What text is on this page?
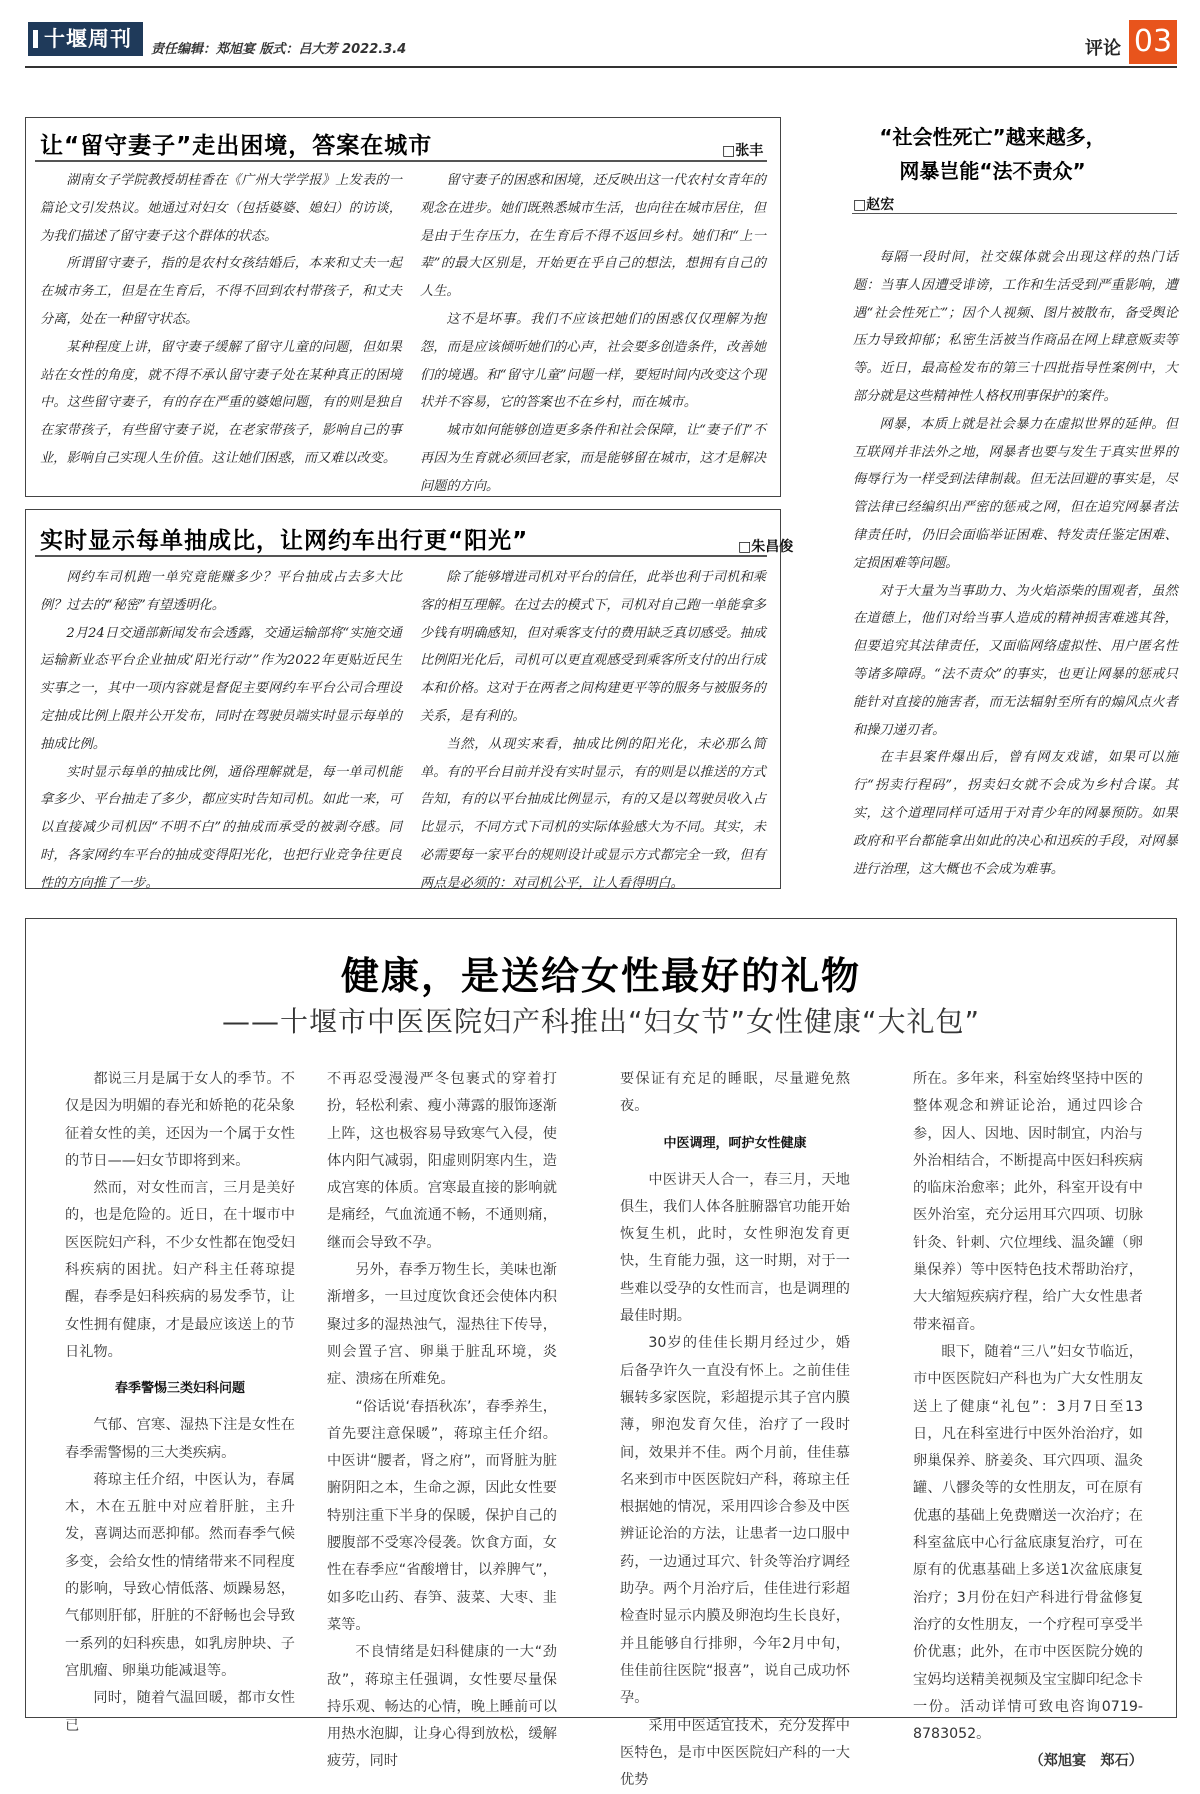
十堰周刊	责任编辑：郑旭宴 版式：吕大芳 2022.3.4	评论 03
让“留守妻子”走出困境，答案在城市	□张丰

湖南女子学院教授胡桂香在《广州大学学报》上发表的一篇论文引发热议。她通过对妇女（包括婆婆、媳妇）的访谈，为我们描述了留守妻子这个群体的状态。

所谓留守妻子，指的是农村女孩结婚后，本来和丈夫一起在城市务工，但是在生育后，不得不回到农村带孩子，和丈夫分离，处在一种留守状态。

某种程度上讲，留守妻子缓解了留守儿童的问题，但如果站在女性的角度，就不得不承认留守妻子处在某种真正的困境中。这些留守妻子，有的存在严重的婆媳问题，有的则是独自在家带孩子，有些留守妻子说，在老家带孩子，影响自己的事业，影响自己实现人生价值。这让她们困惑，而又难以改变。

留守妻子的困惑和困境，还反映出这一代农村女青年的观念在进步。她们既熟悉城市生活，也向往在城市居住，但是由于生存压力，在生育后不得不返回乡村。她们和“上一辈”的最大区别是，开始更在乎自己的想法，想拥有自己的人生。

这不是坏事。我们不应该把她们的困惑仅仅理解为抱怨，而是应该倾听她们的心声，社会要多创造条件，改善她们的境遇。和“留守儿童”问题一样，要短时间内改变这个现状并不容易，它的答案也不在乡村，而在城市。

城市如何能够创造更多条件和社会保障，让“妻子们”不再因为生育就必须回老家，而是能够留在城市，这才是解决问题的方向。

实时显示每单抽成比，让网约车出行更“阳光”	□朱昌俊

网约车司机跑一单究竟能赚多少？平台抽成占去多大比例？过去的“秘密”有望透明化。

2月24日交通部新闻发布会透露，交通运输部将“实施交通运输新业态平台企业抽成‘阳光行动’”作为2022年更贴近民生实事之一，其中一项内容就是督促主要网约车平台公司合理设定抽成比例上限并公开发布，同时在驾驶员端实时显示每单的抽成比例。

实时显示每单的抽成比例，通俗理解就是，每一单司机能拿多少、平台抽走了多少，都应实时告知司机。如此一来，可以直接减少司机因“不明不白”的抽成而承受的被剥夺感。同时，各家网约车平台的抽成变得阳光化，也把行业竞争往更良性的方向推了一步。

除了能够增进司机对平台的信任，此举也利于司机和乘客的相互理解。在过去的模式下，司机对自己跑一单能拿多少钱有明确感知，但对乘客支付的费用缺乏真切感受。抽成比例阳光化后，司机可以更直观感受到乘客所支付的出行成本和价格。这对于在两者之间构建更平等的服务与被服务的关系，是有利的。

当然，从现实来看，抽成比例的阳光化，未必那么简单。有的平台目前并没有实时显示，有的则是以推送的方式告知，有的以平台抽成比例显示，有的又是以驾驶员收入占比显示，不同方式下司机的实际体验感大为不同。其实，未必需要每一家平台的规则设计或显示方式都完全一致，但有两点是必须的：对司机公平，让人看得明白。

“社会性死亡”越来越多，
网暴岂能“法不责众”
□赵宏

每隔一段时间，社交媒体就会出现这样的热门话题：当事人因遭受诽谤，工作和生活受到严重影响，遭遇“社会性死亡”；因个人视频、图片被散布，备受舆论压力导致抑郁；私密生活被当作商品在网上肆意贩卖等等。近日，最高检发布的第三十四批指导性案例中，大部分就是这些精神性人格权刑事保护的案件。

网暴，本质上就是社会暴力在虚拟世界的延伸。但互联网并非法外之地，网暴者也要与发生于真实世界的侮辱行为一样受到法律制裁。但无法回避的事实是，尽管法律已经编织出严密的惩戒之网，但在追究网暴者法律责任时，仍旧会面临举证困难、特发责任鉴定困难、定损困难等问题。

对于大量为当事助力、为火焰添柴的围观者，虽然在道德上，他们对给当事人造成的精神损害难逃其咎，但要追究其法律责任，又面临网络虚拟性、用户匿名性等诸多障碍。“法不责众”的事实，也更让网暴的惩戒只能针对直接的施害者，而无法辐射至所有的煽风点火者和操刀递刃者。

在丰县案件爆出后，曾有网友戏谑，如果可以施行“拐卖行程码”，拐卖妇女就不会成为乡村合谋。其实，这个道理同样可适用于对青少年的网暴预防。如果政府和平台都能拿出如此的决心和迅疾的手段，对网暴进行治理，这大概也不会成为难事。

健康，是送给女性最好的礼物
——十堰市中医医院妇产科推出“妇女节”女性健康“大礼包”

都说三月是属于女人的季节。不仅是因为明媚的春光和娇艳的花朵象征着女性的美，还因为一个属于女性的节日——妇女节即将到来。

然而，对女性而言，三月是美好的，也是危险的。近日，在十堰市中医医院妇产科，不少女性都在饱受妇科疾病的困扰。妇产科主任蒋琼提醒，春季是妇科疾病的易发季节，让女性拥有健康，才是最应该送上的节日礼物。

春季警惕三类妇科问题

气郁、宫寒、湿热下注是女性在春季需警惕的三大类疾病。

蒋琼主任介绍，中医认为，春属木，木在五脏中对应着肝脏，主升发，喜调达而恶抑郁。然而春季气候多变，会给女性的情绪带来不同程度的影响，导致心情低落、烦躁易怒，气郁则肝郁，肝脏的不舒畅也会导致一系列的妇科疾患，如乳房肿块、子宫肌瘤、卵巢功能减退等。

同时，随着气温回暖，都市女性已

不再忍受漫漫严冬包裹式的穿着打扮，轻松利索、瘦小薄露的服饰逐渐上阵，这也极容易导致寒气入侵，使体内阳气减弱，阳虚则阴寒内生，造成宫寒的体质。宫寒最直接的影响就是痛经，气血流通不畅，不通则痛，继而会导致不孕。

另外，春季万物生长，美味也渐渐增多，一旦过度饮食还会使体内积聚过多的湿热浊气，湿热往下传导，则会置子宫、卵巢于脏乱环境，炎症、溃疡在所难免。

“俗话说‘春捂秋冻’，春季养生，首先要注意保暖”，蒋琼主任介绍。中医讲“腰者，肾之府”，而肾脏为脏腑阴阳之本，生命之源，因此女性要特别注重下半身的保暖，保护自己的腰腹部不受寒冷侵袭。饮食方面，女性在春季应“省酸增甘，以养脾气”，如多吃山药、春笋、菠菜、大枣、韭菜等。

不良情绪是妇科健康的一大“劲敌”，蒋琼主任强调，女性要尽量保持乐观、畅达的心情，晚上睡前可以用热水泡脚，让身心得到放松，缓解疲劳，同时

要保证有充足的睡眠，尽量避免熬夜。

中医调理，呵护女性健康

中医讲天人合一，春三月，天地俱生，我们人体各脏腑器官功能开始恢复生机，此时，女性卵泡发育更快，生育能力强，这一时期，对于一些难以受孕的女性而言，也是调理的最佳时期。

30岁的佳佳长期月经过少，婚后备孕许久一直没有怀上。之前佳佳辗转多家医院，彩超提示其子宫内膜薄，卵泡发育欠佳，治疗了一段时间，效果并不佳。两个月前，佳佳慕名来到市中医医院妇产科，蒋琼主任根据她的情况，采用四诊合参及中医辨证论治的方法，让患者一边口服中药，一边通过耳穴、针灸等治疗调经助孕。两个月治疗后，佳佳进行彩超检查时显示内膜及卵泡均生长良好，并且能够自行排卵，今年2月中旬，佳佳前往医院“报喜”，说自己成功怀孕。

采用中医适宜技术，充分发挥中医特色，是市中医医院妇产科的一大优势

所在。多年来，科室始终坚持中医的整体观念和辨证论治，通过四诊合参，因人、因地、因时制宜，内治与外治相结合，不断提高中医妇科疾病的临床治愈率；此外，科室开设有中医外治室，充分运用耳穴四项、切脉针灸、针刺、穴位埋线、温灸罐（卵巢保养）等中医特色技术帮助治疗，大大缩短疾病疗程，给广大女性患者带来福音。

眼下，随着“三八”妇女节临近，市中医医院妇产科也为广大女性朋友送上了健康“礼包”：3月7日至13日，凡在科室进行中医外治治疗，如卵巢保养、脐姜灸、耳穴四项、温灸罐、八髎灸等的女性朋友，可在原有优惠的基础上免费赠送一次治疗；在科室盆底中心行盆底康复治疗，可在原有的优惠基础上多送1次盆底康复治疗；3月份在妇产科进行骨盆修复治疗的女性朋友，一个疗程可享受半价优惠；此外，在市中医医院分娩的宝妈均送精美视频及宝宝脚印纪念卡一份。活动详情可致电咨询0719-8783052。

（郑旭宴　郑石）
